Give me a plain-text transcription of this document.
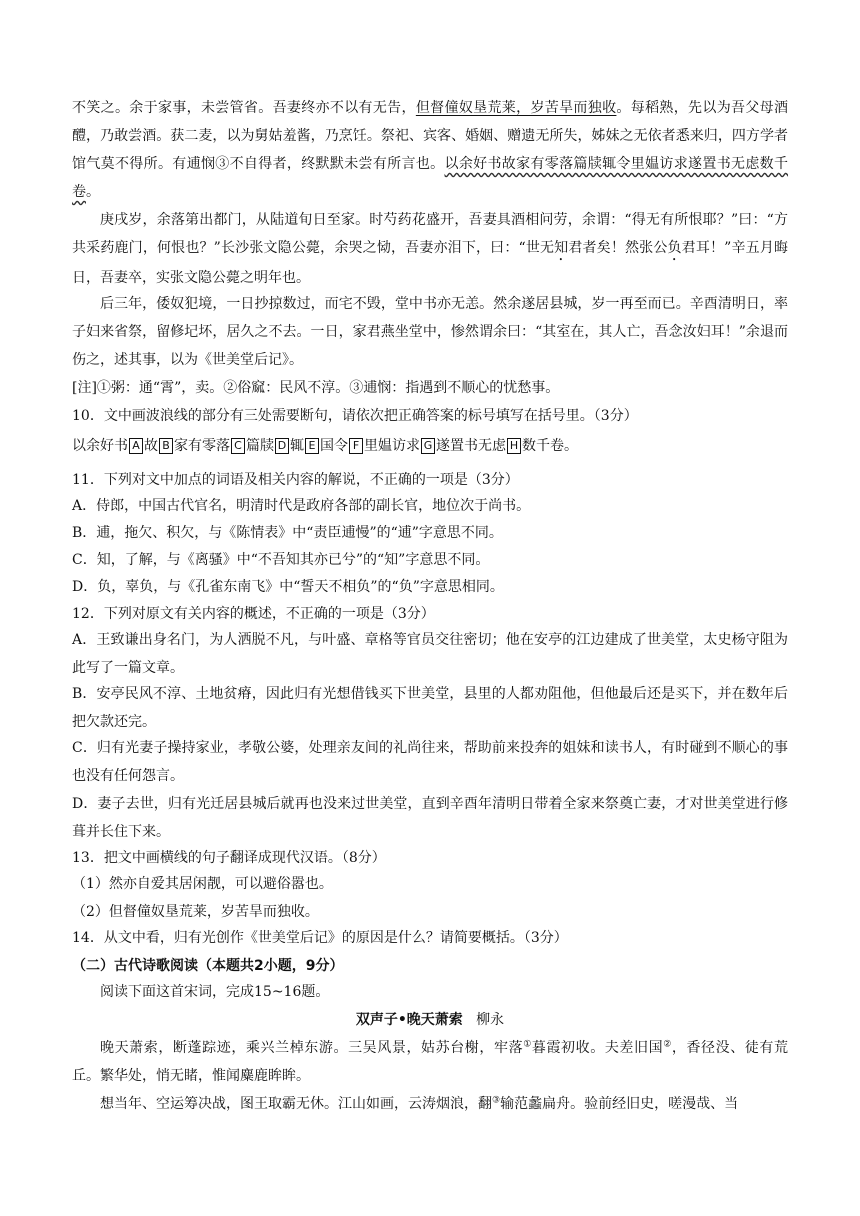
不笑之。余于家事，未尝管省。吾妻终亦不以有无告，但督僮奴垦荒莱，岁苦旱而独收。每稻熟，先以为吾父母酒醴，乃敢尝酒。获二麦，以为舅姑羞酱，乃烹饪。祭祀、宾客、婚姻、赠遗无所失，姊妹之无依者悉来归，四方学者馆气莫不得所。有逋悯③不自得者，终默默未尝有所言也。以余好书故家有零落篇牍辄令里媪访求遂置书无虑数千卷。

庚戌岁，余落第出都门，从陆道旬日至家。时芍药花盛开，吾妻具酒相问劳，余谓：“得无有所恨耶？”曰：“方共采药鹿门，何恨也？”长沙张文隐公薨，余哭之恸，吾妻亦泪下，曰：“世无知君者矣！然张公负君耳！”辛五月晦日，吾妻卒，实张文隐公薨之明年也。

后三年，倭奴犯境，一日抄掠数过，而宅不毁，堂中书亦无恙。然余遂居县城，岁一再至而已。辛酉清明日，率子妇来省祭，留修圮坏，居久之不去。一日，家君燕坐堂中，惨然谓余曰：“其室在，其人亡，吾念汝妇耳！”余退而伤之，述其事，以为《世美堂后记》。

[注]①粥：通“霄”，卖。②俗窳：民风不淳。③逋悯：指遇到不顺心的忧愁事。
10．文中画波浪线的部分有三处需要断句，请依次把正确答案的标号填写在括号里。（3分）
以余好书 A 故 B 家有零落 C 篇牍 D 辄 E 国令 F 里媪访求 G 遂置书无虑 H 数千卷。
11．下列对文中加点的词语及相关内容的解说，不正确的一项是（3分）
A．侍郎，中国古代官名，明清时代是政府各部的副长官，地位次于尚书。
B．逋，拖欠、积欠，与《陈情表》中“责臣逋慢”的“逋”字意思不同。
C．知，了解，与《离骚》中“不吾知其亦已兮”的“知”字意思不同。
D．负，辜负，与《孔雀东南飞》中“誓天不相负”的“负”字意思相同。
12．下列对原文有关内容的概述，不正确的一项是（3分）

A．王致谦出身名门，为人洒脱不凡，与叶盛、章格等官员交往密切；他在安亭的江边建成了世美堂，太史杨守阻为此写了一篇文章。

B．安亭民风不淳、土地贫瘠，因此归有光想借钱买下世美堂，县里的人都劝阻他，但他最后还是买下，并在数年后把欠款还完。

C．归有光妻子操持家业，孝敬公婆，处理亲友间的礼尚往来，帮助前来投奔的姐妹和读书人，有时碰到不顺心的事也没有任何怨言。

D．妻子去世，归有光迁居县城后就再也没来过世美堂，直到辛酉年清明日带着全家来祭奠亡妻，才对世美堂进行修葺并长住下来。

13．把文中画横线的句子翻译成现代汉语。（8分）
（1）然亦自爱其居闲靓，可以避俗嚣也。
（2）但督僮奴垦荒莱，岁苦旱而独收。
14．从文中看，归有光创作《世美堂后记》的原因是什么？请简要概括。（3分）
（二）古代诗歌阅读（本题共2小题，9分）
阅读下面这首宋词，完成15~16题。
双声子•晚天萧索 柳永

晚天萧索，断蓬踪迹，乘兴兰棹东游。三吴风景，姑苏台榭，牢落①暮霞初收。夫差旧国②，香径没、徒有荒丘。繁华处，悄无睹，惟闻麋鹿眸眸。

想当年、空运筹决战，图王取霸无休。江山如画，云涛烟浪，翻③输范蠡扁舟。验前经旧史，嗟漫哉、当
